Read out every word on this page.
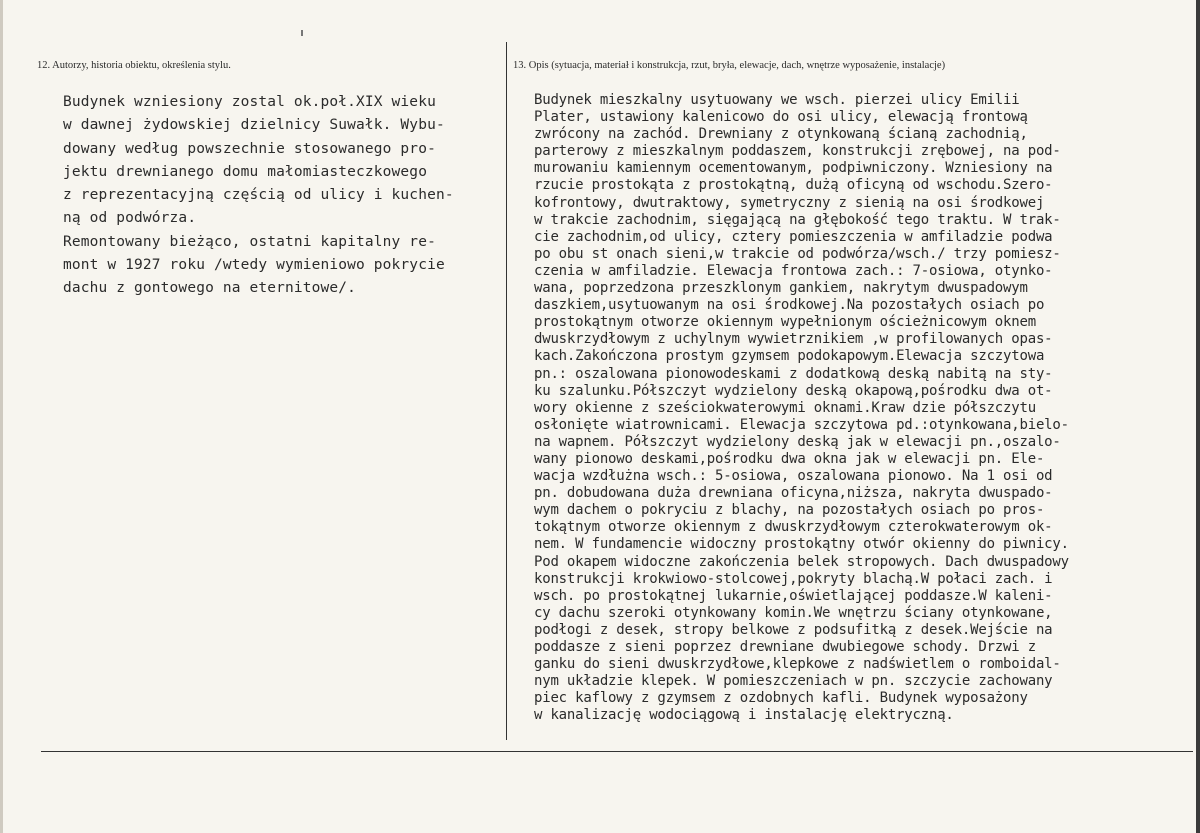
12. Autorzy, historia obiektu, określenia stylu.	13. Opis (sytuacja, materiał i konstrukcja, rzut, bryła, elewacje, dach, wnętrze wyposażenie, instalacje)
Budynek wzniesiony zostal ok.poł.XIX wieku
w dawnej żydowskiej dzielnicy Suwałk. Wybu-
dowany według powszechnie stosowanego pro-
jektu drewnianego domu małomiasteczkowego
z reprezentacyjną częścią od ulicy i kuchen-
ną od podwórza.
Remontowany bieżąco, ostatni kapitalny re-
mont w 1927 roku /wtedy wymieniowo pokrycie
dachu z gontowego na eternitowe/.
Budynek mieszkalny usytuowany we wsch. pierzei ulicy Emilii
Plater, ustawiony kalenicowo do osi ulicy, elewacją frontową
zwrócony na zachód. Drewniany z otynkowaną ścianą zachodnią,
parterowy z mieszkalnym poddaszem, konstrukcji zrębowej, na pod-
murowaniu kamiennym ocementowanym, podpiwniczony. Wzniesiony na
rzucie prostokąta z prostokątną, dużą oficyną od wschodu.Szero-
kofrontowy, dwutraktowy, symetryczny z sienią na osi środkowej
w trakcie zachodnim, sięgającą na głębokość tego traktu. W trak-
cie zachodnim,od ulicy, cztery pomieszczenia w amfiladzie podwa
po obu st onach sieni,w trakcie od podwórza/wsch./ trzy pomiesz-
czenia w amfiladzie. Elewacja frontowa zach.: 7-osiowa, otynko-
wana, poprzedzona przeszklonym gankiem, nakrytym dwuspadowym
daszkiem,usytuowanym na osi środkowej.Na pozostałych osiach po
prostokątnym otworze okiennym wypełnionym ościeżnicowym oknem
dwuskrzydłowym z uchylnym wywietrznikiem ,w profilowanych opas-
kach.Zakończona prostym gzymsem podokapowym.Elewacja szczytowa
pn.: oszalowana pionowodeskami z dodatkową deską nabitą na sty-
ku szalunku.Półszczyt wydzielony deską okapową,pośrodku dwa ot-
wory okienne z sześciokwaterowymi oknami.Kraw dzie półszczytu
osłonięte wiatrownicami. Elewacja szczytowa pd.:otynkowana,bielo-
na wapnem. Półszczyt wydzielony deską jak w elewacji pn.,oszalo-
wany pionowo deskami,pośrodku dwa okna jak w elewacji pn. Ele-
wacja wzdłużna wsch.: 5-osiowa, oszalowana pionowo. Na 1 osi od
pn. dobudowana duża drewniana oficyna,niższa, nakryta dwuspado-
wym dachem o pokryciu z blachy, na pozostałych osiach po pros-
tokątnym otworze okiennym z dwuskrzydłowym czterokwaterowym ok-
nem. W fundamencie widoczny prostokątny otwór okienny do piwnicy.
Pod okapem widoczne zakończenia belek stropowych. Dach dwuspadowy
konstrukcji krokwiowo-stolcowej,pokryty blachą.W połaci zach. i
wsch. po prostokątnej lukarnie,oświetlającej poddasze.W kaleni-
cy dachu szeroki otynkowany komin.We wnętrzu ściany otynkowane,
podłogi z desek, stropy belkowe z podsufitką z desek.Wejście na
poddasze z sieni poprzez drewniane dwubiegowe schody. Drzwi z
ganku do sieni dwuskrzydłowe,klepkowe z nadświetlem o romboidal-
nym układzie klepek. W pomieszczeniach w pn. szczycie zachowany
piec kaflowy z gzymsem z ozdobnych kafli. Budynek wyposażony
w kanalizację wodociągową i instalację elektryczną.
